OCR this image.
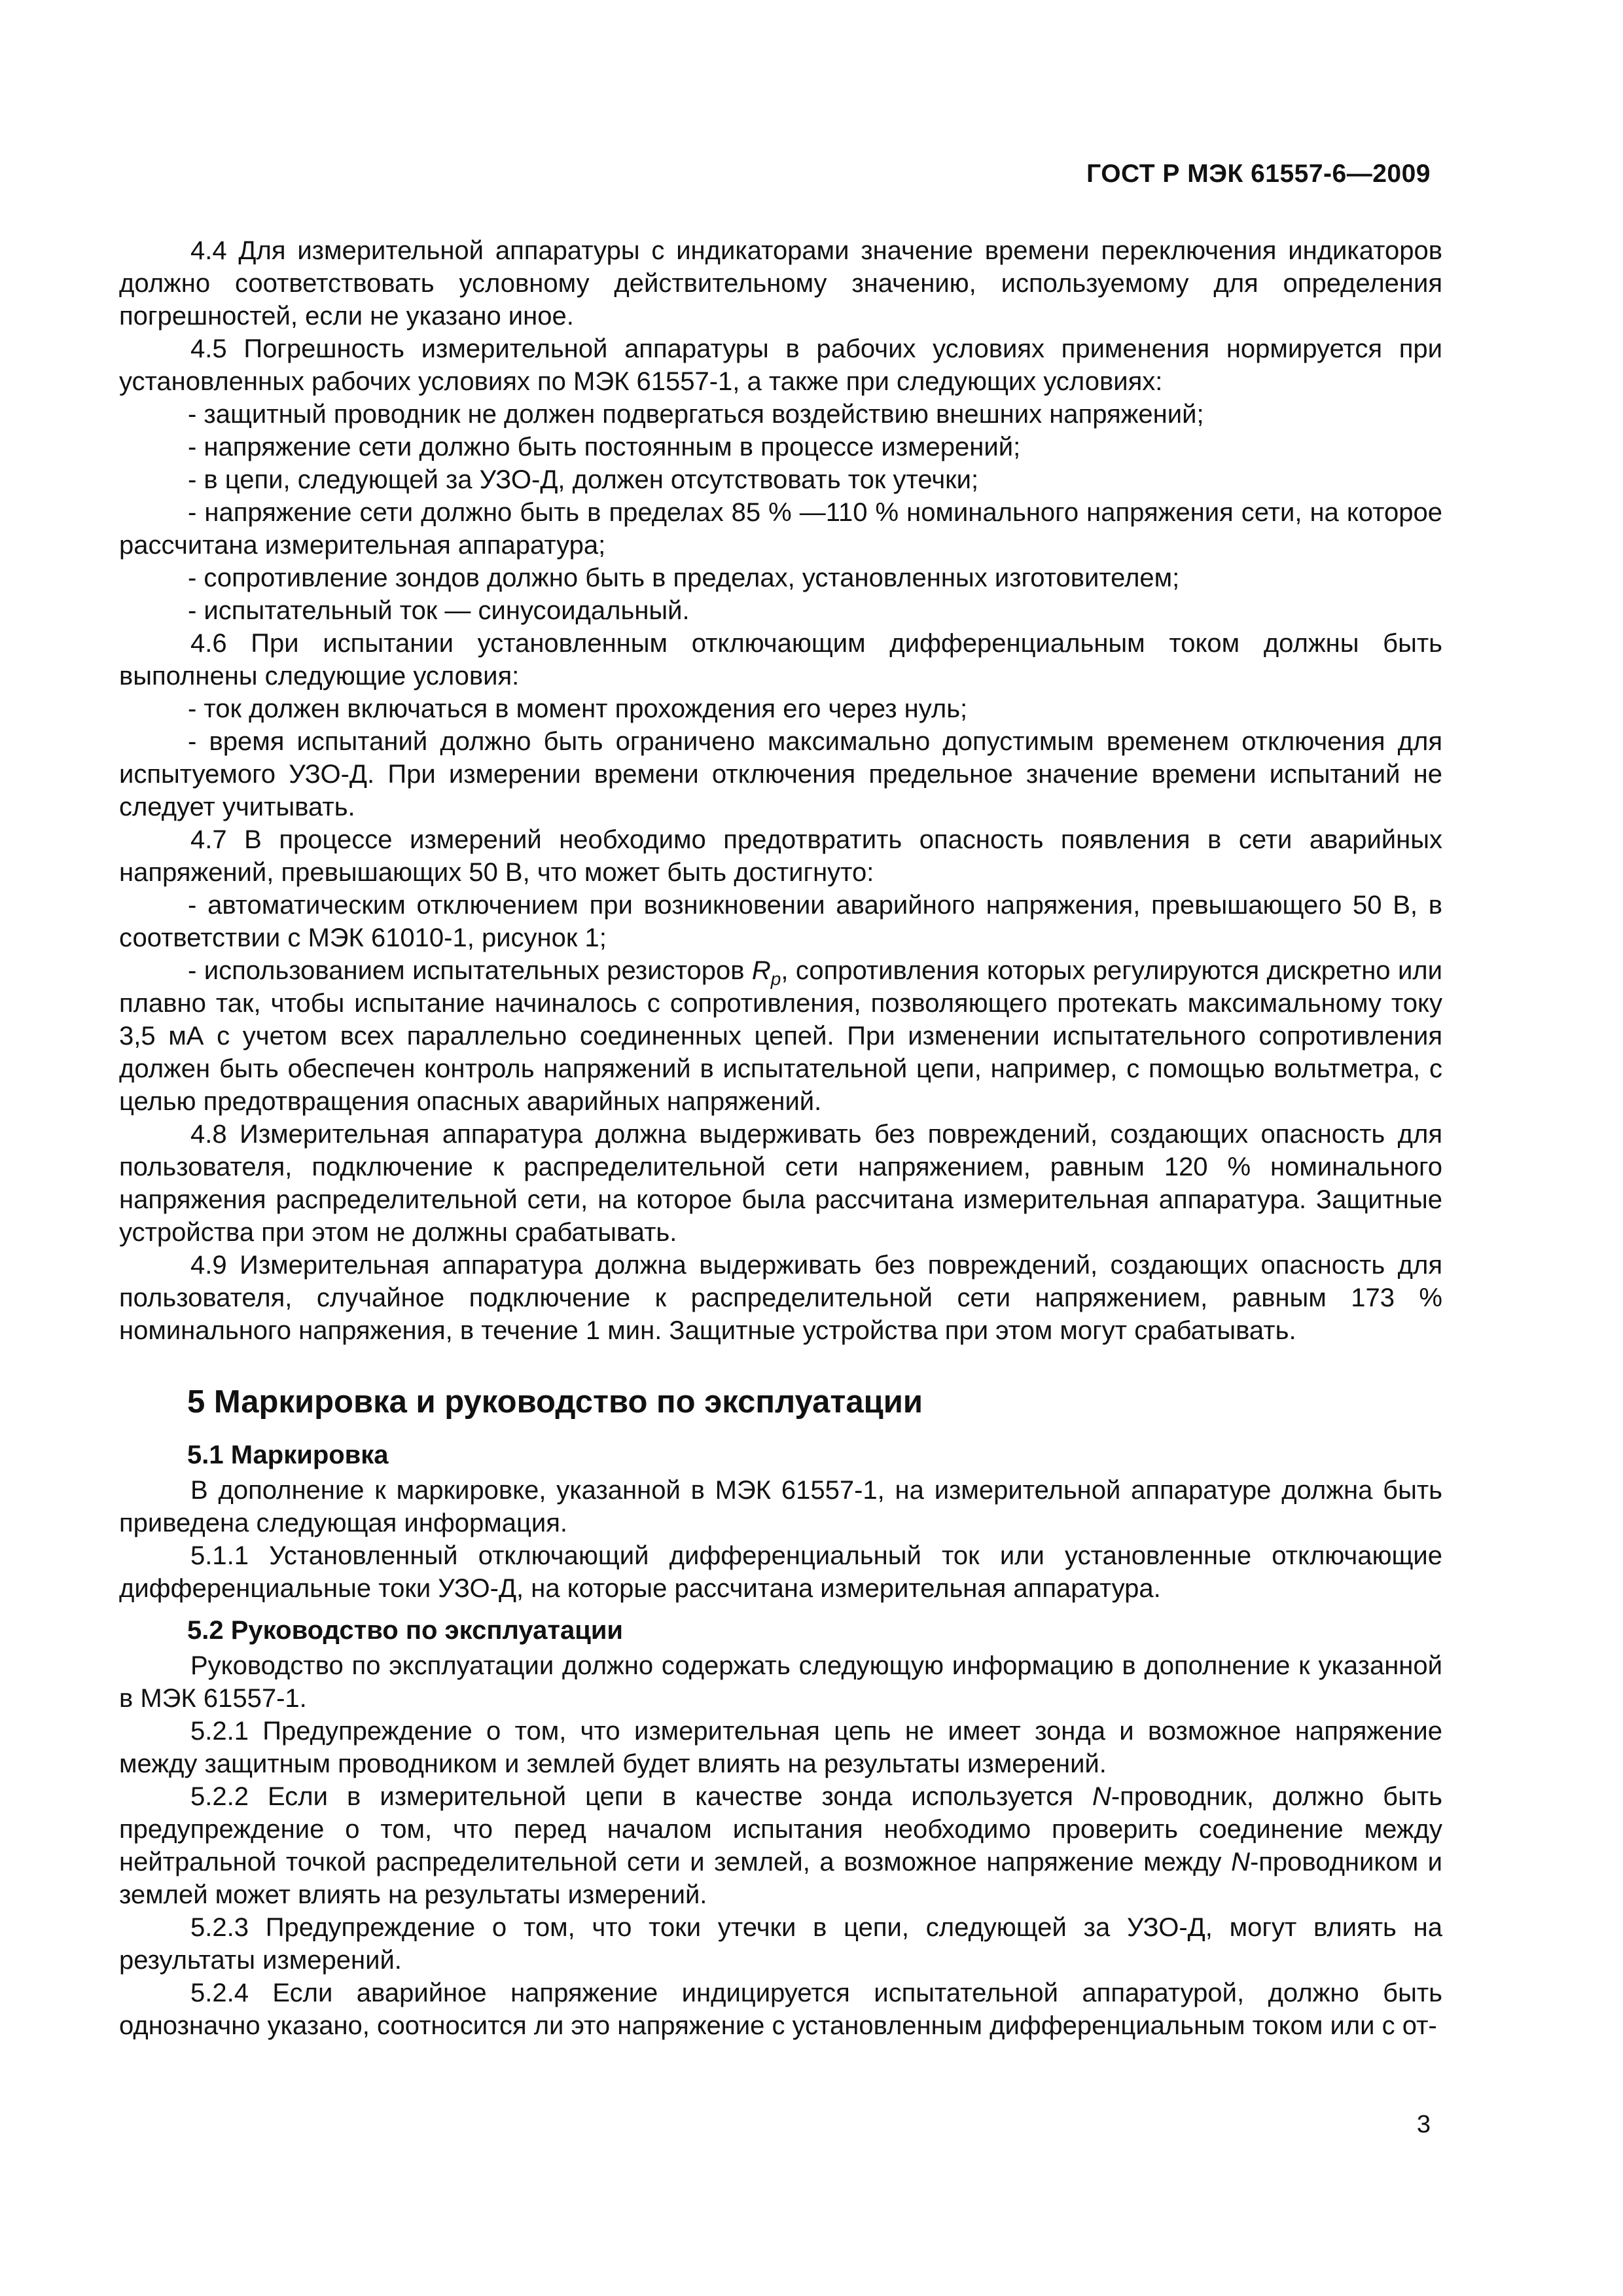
ГОСТ Р МЭК 61557-6—2009

4.4 Для измерительной аппаратуры с индикаторами значение времени переключения индикаторов должно соответствовать условному действительному значению, используемому для определения погрешностей, если не указано иное.

4.5 Погрешность измерительной аппаратуры в рабочих условиях применения нормируется при установленных рабочих условиях по МЭК 61557-1, а также при следующих условиях:

- защитный проводник не должен подвергаться воздействию внешних напряжений;

- напряжение сети должно быть постоянным в процессе измерений;

- в цепи, следующей за УЗО-Д, должен отсутствовать ток утечки;

- напряжение сети должно быть в пределах 85 % —110 % номинального напряжения сети, на которое рассчитана измерительная аппаратура;

- сопротивление зондов должно быть в пределах, установленных изготовителем;

- испытательный ток — синусоидальный.

4.6 При испытании установленным отключающим дифференциальным током должны быть выполнены следующие условия:

- ток должен включаться в момент прохождения его через нуль;

- время испытаний должно быть ограничено максимально допустимым временем отключения для испытуемого УЗО-Д. При измерении времени отключения предельное значение времени испытаний не следует учитывать.

4.7 В процессе измерений необходимо предотвратить опасность появления в сети аварийных напряжений, превышающих 50 В, что может быть достигнуто:

- автоматическим отключением при возникновении аварийного напряжения, превышающего 50 В, в соответствии с МЭК 61010-1, рисунок 1;

- использованием испытательных резисторов $R_p$, сопротивления которых регулируются дискретно или плавно так, чтобы испытание начиналось с сопротивления, позволяющего протекать максимальному току 3,5 мА с учетом всех параллельно соединенных цепей. При изменении испытательного сопротивления должен быть обеспечен контроль напряжений в испытательной цепи, например, с помощью вольтметра, с целью предотвращения опасных аварийных напряжений.

4.8 Измерительная аппаратура должна выдерживать без повреждений, создающих опасность для пользователя, подключение к распределительной сети напряжением, равным 120 % номинального напряжения распределительной сети, на которое была рассчитана измерительная аппаратура. Защитные устройства при этом не должны срабатывать.

4.9 Измерительная аппаратура должна выдерживать без повреждений, создающих опасность для пользователя, случайное подключение к распределительной сети напряжением, равным 173 % номинального напряжения, в течение 1 мин. Защитные устройства при этом могут срабатывать.

5 Маркировка и руководство по эксплуатации
5.1 Маркировка

В дополнение к маркировке, указанной в МЭК 61557-1, на измерительной аппаратуре должна быть приведена следующая информация.

5.1.1 Установленный отключающий дифференциальный ток или установленные отключающие дифференциальные токи УЗО-Д, на которые рассчитана измерительная аппаратура.

5.2 Руководство по эксплуатации

Руководство по эксплуатации должно содержать следующую информацию в дополнение к указанной в МЭК 61557-1.

5.2.1 Предупреждение о том, что измерительная цепь не имеет зонда и возможное напряжение между защитным проводником и землей будет влиять на результаты измерений.

5.2.2 Если в измерительной цепи в качестве зонда используется N-проводник, должно быть предупреждение о том, что перед началом испытания необходимо проверить соединение между нейтральной точкой распределительной сети и землей, а возможное напряжение между N-проводником и землей может влиять на результаты измерений.

5.2.3 Предупреждение о том, что токи утечки в цепи, следующей за УЗО-Д, могут влиять на результаты измерений.

5.2.4 Если аварийное напряжение индицируется испытательной аппаратурой, должно быть однозначно указано, соотносится ли это напряжение с установленным дифференциальным током или с от-

3
